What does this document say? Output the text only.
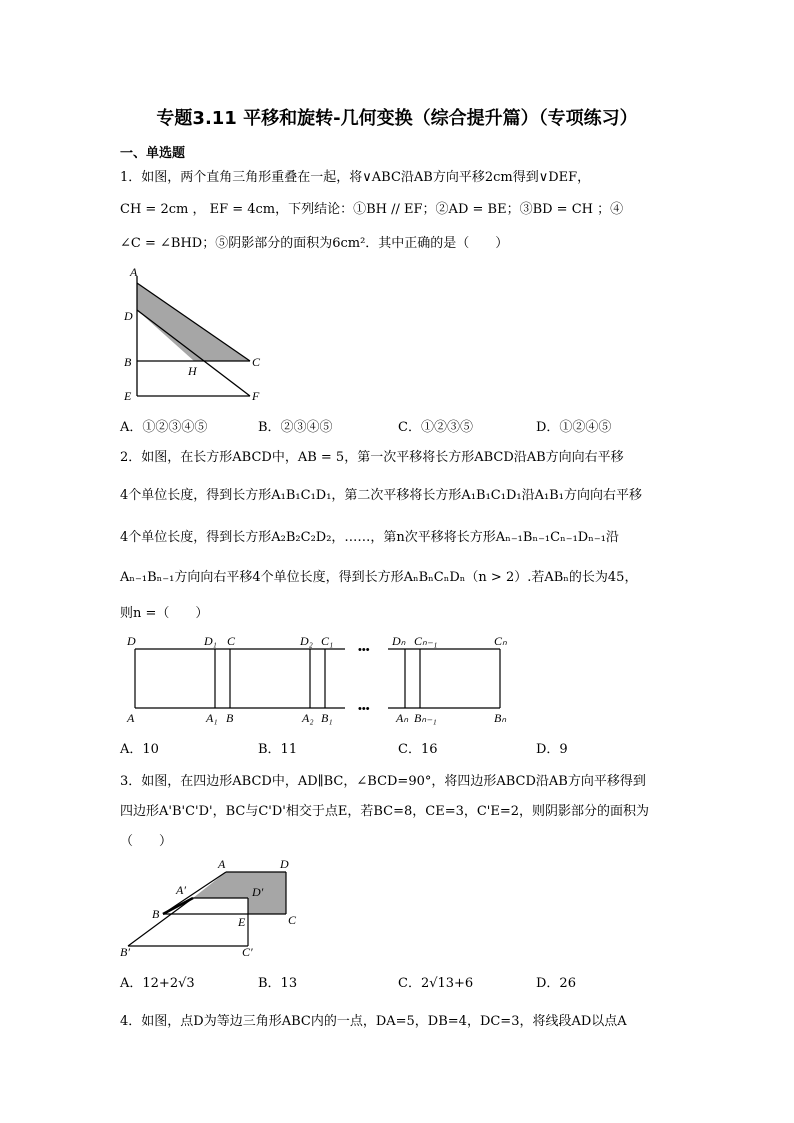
专题3.11 平移和旋转-几何变换（综合提升篇）（专项练习）
一、单选题
1．如图，两个直角三角形重叠在一起，将∨ABC沿AB方向平移2cm得到∨DEF，
CH = 2cm ， EF = 4cm，下列结论：①BH // EF；②AD = BE；③BD = CH ；④
∠C = ∠BHD；⑤阴影部分的面积为6cm²．其中正确的是（　　）
A
D
B	C
H
E	F
A．①②③④⑤	B．②③④⑤	C．①②③⑤	D．①②④⑤
2．如图，在长方形ABCD中，AB = 5，第一次平移将长方形ABCD沿AB方向向右平移
4个单位长度，得到长方形A₁B₁C₁D₁，第二次平移将长方形A₁B₁C₁D₁沿A₁B₁方向向右平移
4个单位长度，得到长方形A₂B₂C₂D₂，……，第n次平移将长方形Aₙ₋₁Bₙ₋₁Cₙ₋₁Dₙ₋₁沿
Aₙ₋₁Bₙ₋₁方向向右平移4个单位长度，得到长方形AₙBₙCₙDₙ（n > 2）.若ABₙ的长为45，
则n =（　　）
•••
•••
D	D₁ C	D₂ C₁	Dₙ Cₙ₋₁	Cₙ
A	A₁ B	A₂ B₁	Aₙ Bₙ₋₁	Bₙ
A．10	B．11	C．16	D．9
3．如图，在四边形ABCD中，AD∥BC，∠BCD=90°，将四边形ABCD沿AB方向平移得到
四边形A'B'C'D'，BC与C'D'相交于点E，若BC=8，CE=3，C'E=2，则阴影部分的面积为
（　　）
A	D
A′	D′
B
E	C
B′	C′
A．12+2√3	B．13	C．2√13+6	D．26
4．如图，点D为等边三角形ABC内的一点，DA=5，DB=4，DC=3，将线段AD以点A
